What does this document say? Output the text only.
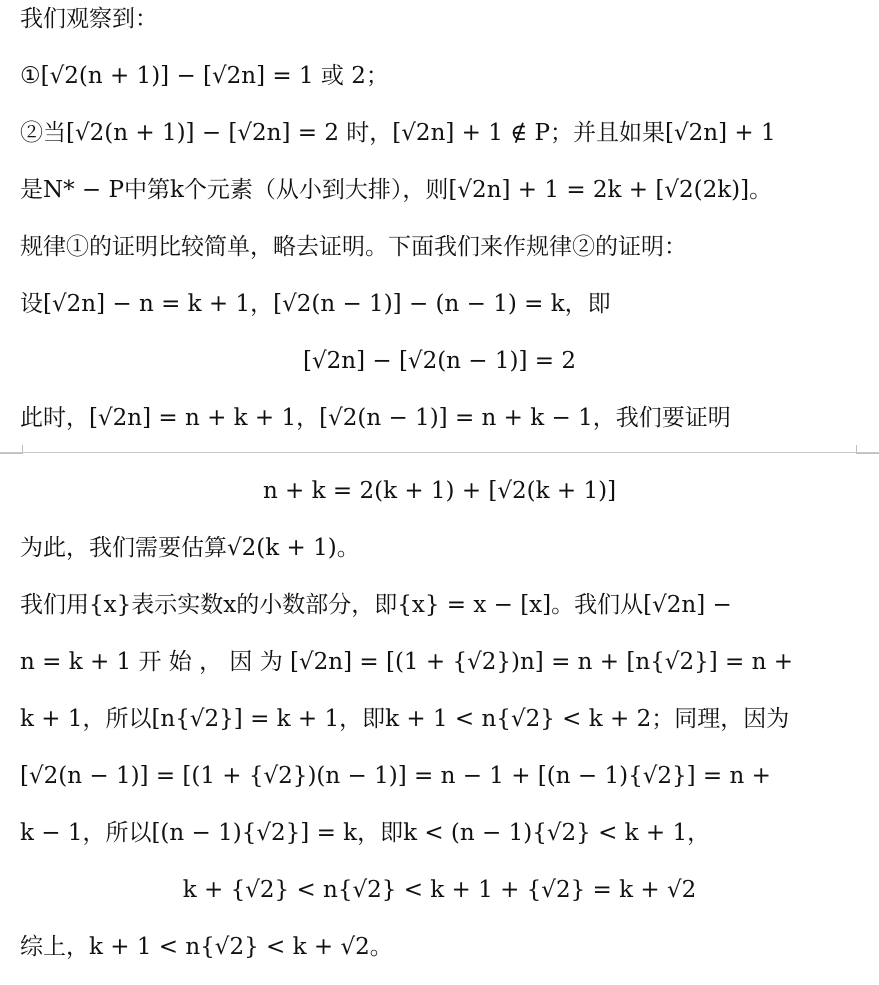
我们观察到：
①[√2(n + 1)] − [√2n] = 1 或 2；
②当[√2(n + 1)] − [√2n] = 2 时，[√2n] + 1 ∉ P；并且如果[√2n] + 1
是N* − P中第k个元素（从小到大排），则[√2n] + 1 = 2k + [√2(2k)]。
规律①的证明比较简单，略去证明。下面我们来作规律②的证明：
设[√2n] − n = k + 1，[√2(n − 1)] − (n − 1) = k，即
[√2n] − [√2(n − 1)] = 2
此时，[√2n] = n + k + 1，[√2(n − 1)] = n + k − 1，我们要证明
n + k = 2(k + 1) + [√2(k + 1)]
为此，我们需要估算√2(k + 1)。
我们用{x}表示实数x的小数部分，即{x} = x − [x]。我们从[√2n] −
n = k + 1 开 始 ， 因 为 [√2n] = [(1 + {√2})n] = n + [n{√2}] = n +
k + 1，所以[n{√2}] = k + 1，即k + 1 < n{√2} < k + 2；同理，因为
[√2(n − 1)] = [(1 + {√2})(n − 1)] = n − 1 + [(n − 1){√2}] = n +
k − 1，所以[(n − 1){√2}] = k，即k < (n − 1){√2} < k + 1，
k + {√2} < n{√2} < k + 1 + {√2} = k + √2
综上，k + 1 < n{√2} < k + √2。
